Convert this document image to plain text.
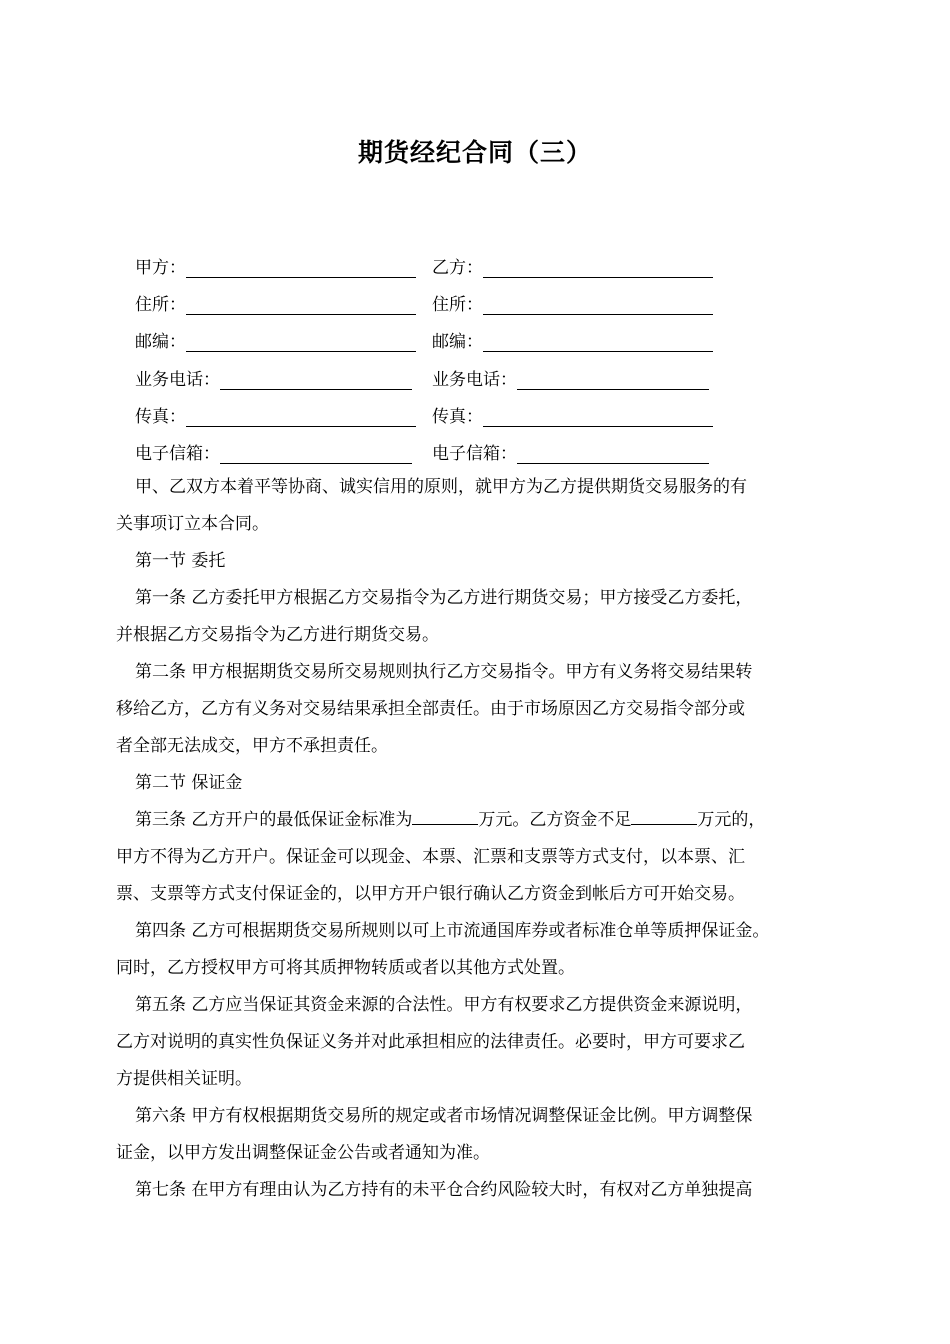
期货经纪合同（三）
甲方：	乙方：
住所：	住所：
邮编：	邮编：
业务电话：	业务电话：
传真：	传真：
电子信箱：	电子信箱：
甲、乙双方本着平等协商、诚实信用的原则，就甲方为乙方提供期货交易服务的有
关事项订立本合同。
第一节 委托
第一条 乙方委托甲方根据乙方交易指令为乙方进行期货交易；甲方接受乙方委托，
并根据乙方交易指令为乙方进行期货交易。
第二条 甲方根据期货交易所交易规则执行乙方交易指令。甲方有义务将交易结果转
移给乙方，乙方有义务对交易结果承担全部责任。由于市场原因乙方交易指令部分或
者全部无法成交，甲方不承担责任。
第二节 保证金
第三条 乙方开户的最低保证金标准为	万元。乙方资金不足	万元的，
甲方不得为乙方开户。保证金可以现金、本票、汇票和支票等方式支付，以本票、汇
票、支票等方式支付保证金的，以甲方开户银行确认乙方资金到帐后方可开始交易。
第四条 乙方可根据期货交易所规则以可上市流通国库券或者标准仓单等质押保证金。
同时，乙方授权甲方可将其质押物转质或者以其他方式处置。
第五条 乙方应当保证其资金来源的合法性。甲方有权要求乙方提供资金来源说明，
乙方对说明的真实性负保证义务并对此承担相应的法律责任。必要时，甲方可要求乙
方提供相关证明。
第六条 甲方有权根据期货交易所的规定或者市场情况调整保证金比例。甲方调整保
证金，以甲方发出调整保证金公告或者通知为准。
第七条 在甲方有理由认为乙方持有的未平仓合约风险较大时，有权对乙方单独提高
